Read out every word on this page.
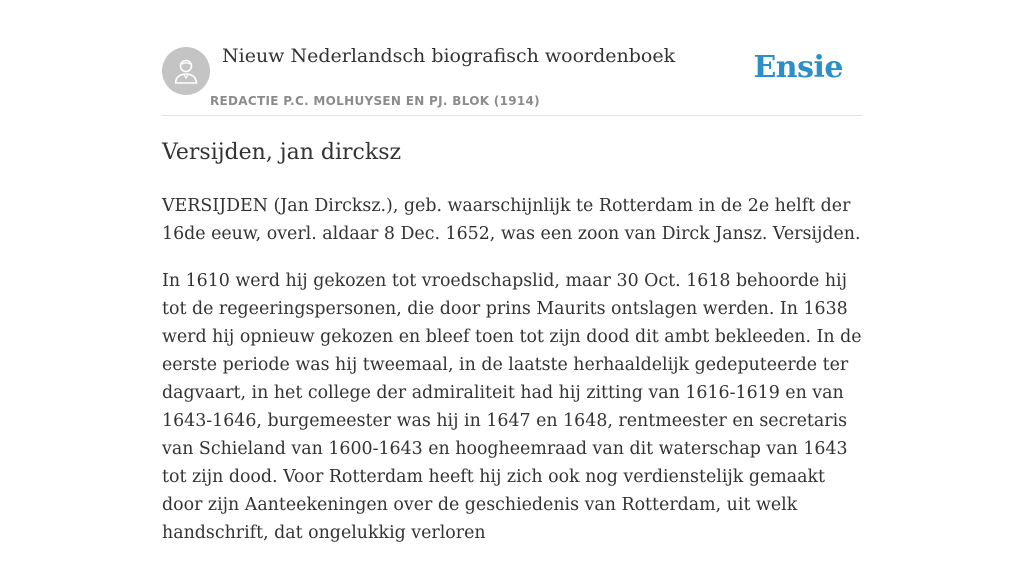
Nieuw Nederlandsch biografisch woordenboek
REDACTIE P.C. MOLHUYSEN EN PJ. BLOK (1914)
Ensie
Versijden, jan dircksz

VERSIJDEN (Jan Dircksz.), geb. waarschijnlijk te Rotterdam in de 2e helft der 16de eeuw, overl. aldaar 8 Dec. 1652, was een zoon van Dirck Jansz. Versijden.

In 1610 werd hij gekozen tot vroedschapslid, maar 30 Oct. 1618 behoorde hij tot de regeeringspersonen, die door prins Maurits ontslagen werden. In 1638 werd hij opnieuw gekozen en bleef toen tot zijn dood dit ambt bekleeden. In de eerste periode was hij tweemaal, in de laatste herhaaldelijk gedeputeerde ter dagvaart, in het college der admiraliteit had hij zitting van 1616-1619 en van 1643-1646, burgemeester was hij in 1647 en 1648, rentmeester en secretaris van Schieland van 1600-1643 en hoogheemraad van dit waterschap van 1643 tot zijn dood. Voor Rotterdam heeft hij zich ook nog verdienstelijk gemaakt door zijn Aanteekeningen over de geschiedenis van Rotterdam, uit welk handschrift, dat ongelukkig verloren
